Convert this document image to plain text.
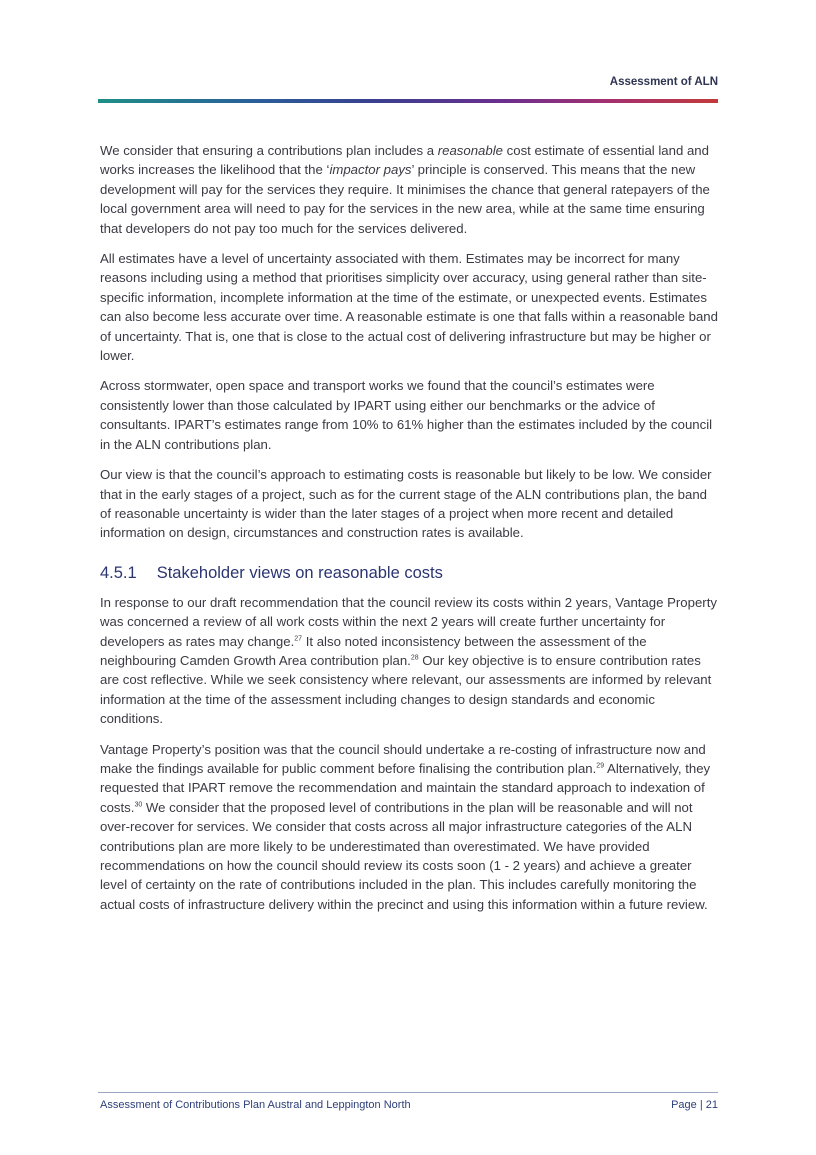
Assessment of ALN

We consider that ensuring a contributions plan includes a reasonable cost estimate of essential land and works increases the likelihood that the ‘impactor pays’ principle is conserved. This means that the new development will pay for the services they require. It minimises the chance that general ratepayers of the local government area will need to pay for the services in the new area, while at the same time ensuring that developers do not pay too much for the services delivered.

All estimates have a level of uncertainty associated with them. Estimates may be incorrect for many reasons including using a method that prioritises simplicity over accuracy, using general rather than site-specific information, incomplete information at the time of the estimate, or unexpected events. Estimates can also become less accurate over time. A reasonable estimate is one that falls within a reasonable band of uncertainty. That is, one that is close to the actual cost of delivering infrastructure but may be higher or lower.

Across stormwater, open space and transport works we found that the council’s estimates were consistently lower than those calculated by IPART using either our benchmarks or the advice of consultants. IPART’s estimates range from 10% to 61% higher than the estimates included by the council in the ALN contributions plan.

Our view is that the council’s approach to estimating costs is reasonable but likely to be low. We consider that in the early stages of a project, such as for the current stage of the ALN contributions plan, the band of reasonable uncertainty is wider than the later stages of a project when more recent and detailed information on design, circumstances and construction rates is available.

4.5.1 Stakeholder views on reasonable costs

In response to our draft recommendation that the council review its costs within 2 years, Vantage Property was concerned a review of all work costs within the next 2 years will create further uncertainty for developers as rates may change.$^{27}$ It also noted inconsistency between the assessment of the neighbouring Camden Growth Area contribution plan.$^{28}$ Our key objective is to ensure contribution rates are cost reflective. While we seek consistency where relevant, our assessments are informed by relevant information at the time of the assessment including changes to design standards and economic conditions.

Vantage Property’s position was that the council should undertake a re-costing of infrastructure now and make the findings available for public comment before finalising the contribution plan.$^{29}$ Alternatively, they requested that IPART remove the recommendation and maintain the standard approach to indexation of costs.$^{30}$ We consider that the proposed level of contributions in the plan will be reasonable and will not over-recover for services. We consider that costs across all major infrastructure categories of the ALN contributions plan are more likely to be underestimated than overestimated. We have provided recommendations on how the council should review its costs soon (1 - 2 years) and achieve a greater level of certainty on the rate of contributions included in the plan. This includes carefully monitoring the actual costs of infrastructure delivery within the precinct and using this information within a future review.

Assessment of Contributions Plan Austral and Leppington North	Page | 21
